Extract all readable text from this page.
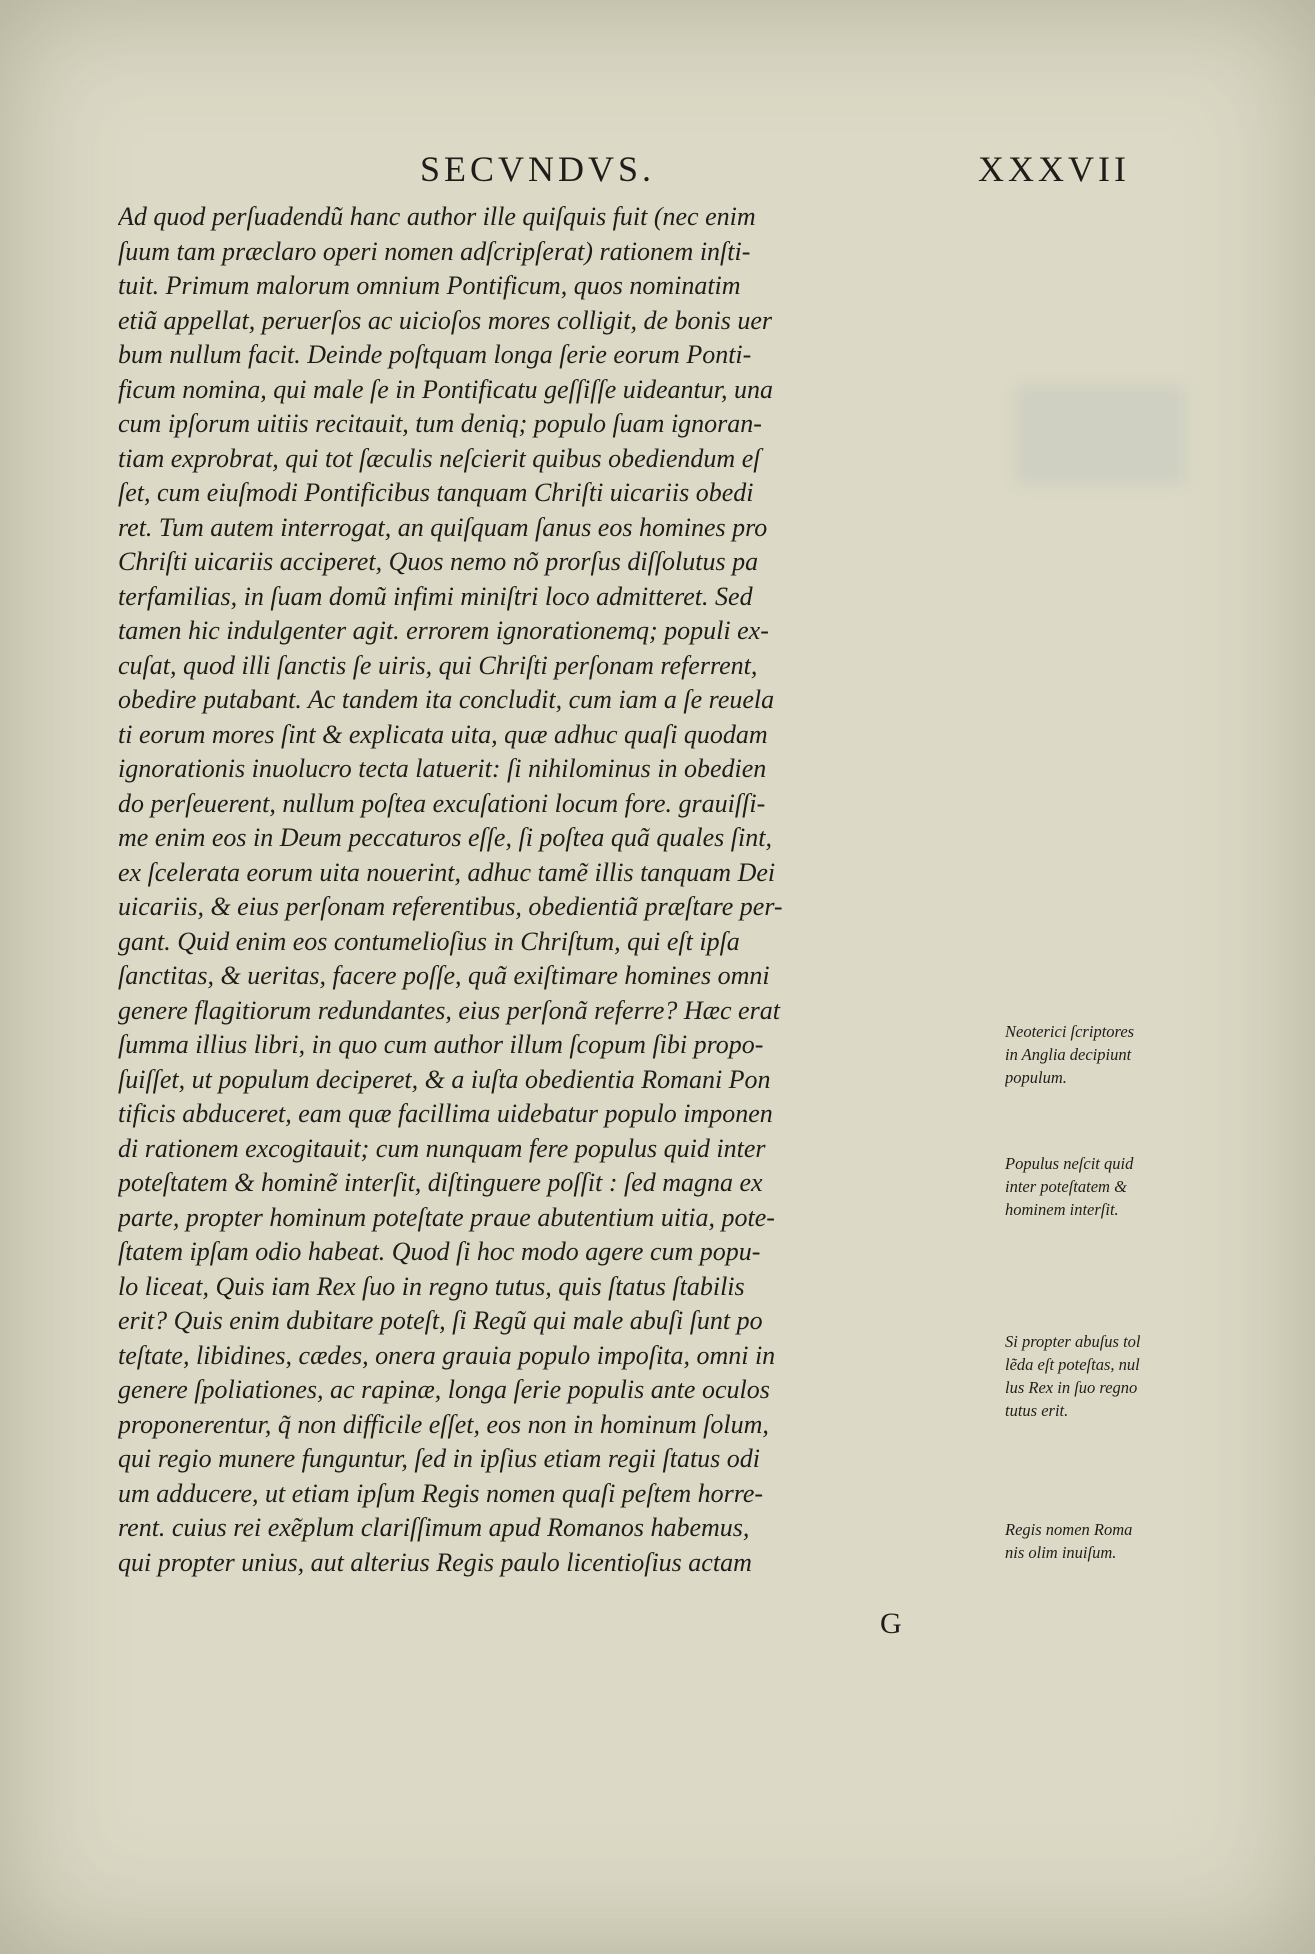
SECVNDVS.	XXXVII
Ad quod perſuadendũ hanc author ille quiſquis fuit (nec enim
ſuum tam præclaro operi nomen adſcripſerat) rationem inſti-
tuit. Primum malorum omnium Pontificum, quos nominatim
etiã appellat, peruerſos ac uicioſos mores colligit, de bonis uer
bum nullum facit. Deinde poſtquam longa ſerie eorum Ponti-
ficum nomina, qui male ſe in Pontificatu geſſiſſe uideantur, una
cum ipſorum uitiis recitauit, tum deniq; populo ſuam ignoran-
tiam exprobrat, qui tot ſæculis neſcierit quibus obediendum eſ
ſet, cum eiuſmodi Pontificibus tanquam Chriſti uicariis obedi
ret. Tum autem interrogat, an quiſquam ſanus eos homines pro
Chriſti uicariis acciperet, Quos nemo nõ prorſus diſſolutus pa
terfamilias, in ſuam domũ infimi miniſtri loco admitteret. Sed
tamen hic indulgenter agit. errorem ignorationemq; populi ex-
cuſat, quod illi ſanctis ſe uiris, qui Chriſti perſonam referrent,
obedire putabant. Ac tandem ita concludit, cum iam a ſe reuela
ti eorum mores ſint & explicata uita, quæ adhuc quaſi quodam
ignorationis inuolucro tecta latuerit: ſi nihilominus in obedien
do perſeuerent, nullum poſtea excuſationi locum fore. grauiſſi-
me enim eos in Deum peccaturos eſſe, ſi poſtea quã quales ſint,
ex ſcelerata eorum uita nouerint, adhuc tamẽ illis tanquam Dei
uicariis, & eius perſonam referentibus, obedientiã præſtare per-
gant. Quid enim eos contumelioſius in Chriſtum, qui eſt ipſa
ſanctitas, & ueritas, facere poſſe, quã exiſtimare homines omni
genere flagitiorum redundantes, eius perſonã referre? Hæc erat
ſumma illius libri, in quo cum author illum ſcopum ſibi propo-
ſuiſſet, ut populum deciperet, & a iuſta obedientia Romani Pon
tificis abduceret, eam quæ facillima uidebatur populo imponen
di rationem excogitauit; cum nunquam fere populus quid inter
poteſtatem & hominẽ interſit, diſtinguere poſſit : ſed magna ex
parte, propter hominum poteſtate praue abutentium uitia, pote-
ſtatem ipſam odio habeat. Quod ſi hoc modo agere cum popu-
lo liceat, Quis iam Rex ſuo in regno tutus, quis ſtatus ſtabilis
erit? Quis enim dubitare poteſt, ſi Regũ qui male abuſi ſunt po
teſtate, libidines, cædes, onera grauia populo impoſita, omni in
genere ſpoliationes, ac rapinæ, longa ſerie populis ante oculos
proponerentur, q̃ non difficile eſſet, eos non in hominum ſolum,
qui regio munere funguntur, ſed in ipſius etiam regii ſtatus odi
um adducere, ut etiam ipſum Regis nomen quaſi peſtem horre-
rent. cuius rei exẽplum clariſſimum apud Romanos habemus,
qui propter unius, aut alterius Regis paulo licentioſius actam
G
Neoterici ſcriptores
in Anglia decipiunt
populum.
Populus neſcit quid
inter poteſtatem &
hominem interſit.
Si propter abuſus tol
lẽda eſt poteſtas, nul
lus Rex in ſuo regno
tutus erit.
Regis nomen Roma
nis olim inuiſum.
